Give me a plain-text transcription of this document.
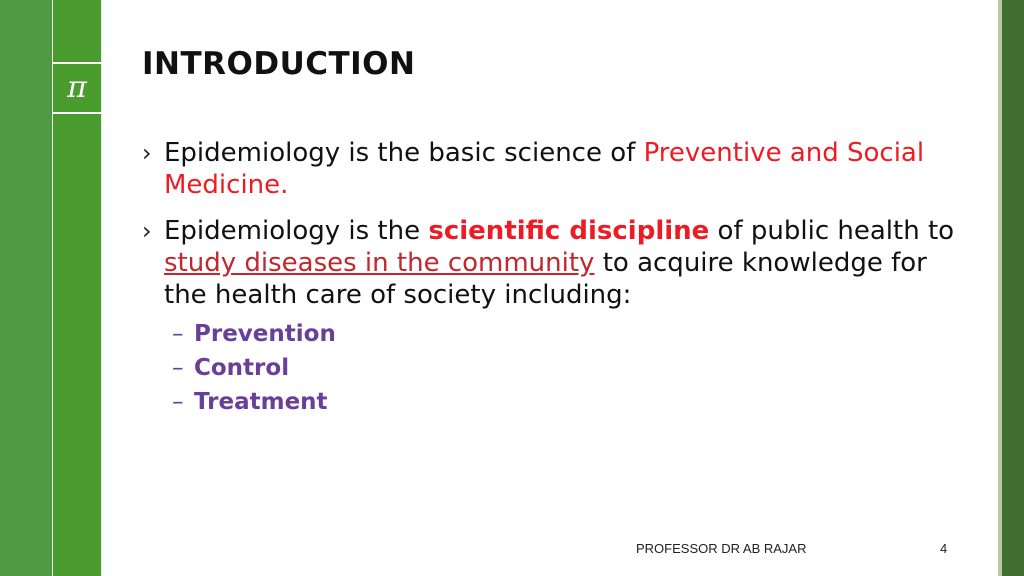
π
INTRODUCTION
› Epidemiology is the basic science of Preventive and Social Medicine.
› Epidemiology is the scientific discipline of public health to study diseases in the community to acquire knowledge for the health care of society including:
– Prevention
– Control
– Treatment
PROFESSOR DR AB RAJAR	4
